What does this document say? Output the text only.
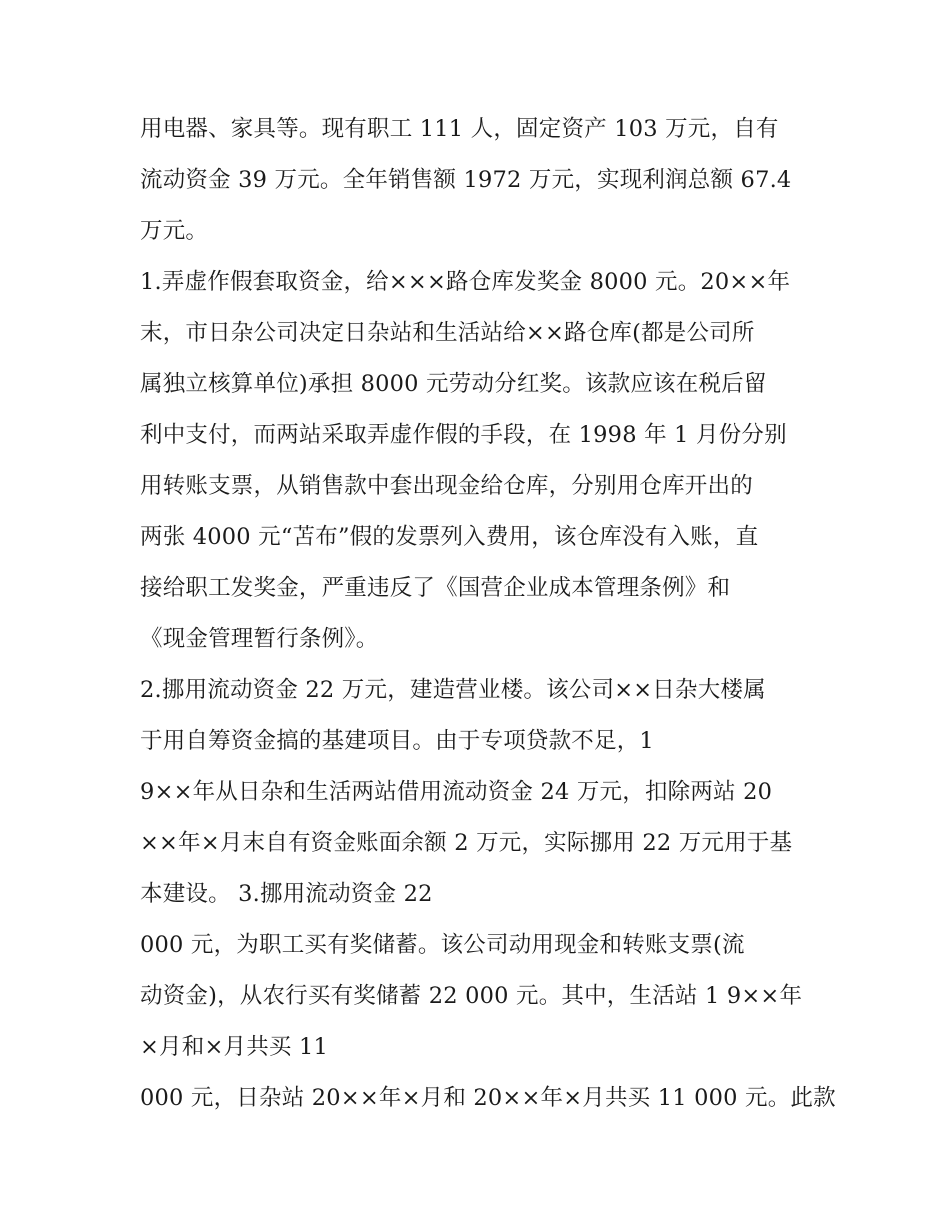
用电器、家具等。现有职工 111 人，固定资产 103 万元，自有
流动资金 39 万元。全年销售额 1972 万元，实现利润总额 67.4
万元。
1.弄虚作假套取资金，给×××路仓库发奖金 8000 元。20××年
末，市日杂公司决定日杂站和生活站给××路仓库(都是公司所
属独立核算单位)承担 8000 元劳动分红奖。该款应该在税后留
利中支付，而两站采取弄虚作假的手段，在 1998 年 1 月份分别
用转账支票，从销售款中套出现金给仓库，分别用仓库开出的
两张 4000 元“苫布”假的发票列入费用，该仓库没有入账，直
接给职工发奖金，严重违反了《国营企业成本管理条例》和
《现金管理暂行条例》。
2.挪用流动资金 22 万元，建造营业楼。该公司××日杂大楼属
于用自筹资金搞的基建项目。由于专项贷款不足，1
9××年从日杂和生活两站借用流动资金 24 万元，扣除两站 20
××年×月末自有资金账面余额 2 万元，实际挪用 22 万元用于基
本建设。 3.挪用流动资金 22
000 元，为职工买有奖储蓄。该公司动用现金和转账支票(流
动资金)，从农行买有奖储蓄 22 000 元。其中，生活站 1 9××年
×月和×月共买 11
000 元，日杂站 20××年×月和 20××年×月共买 11 000 元。此款
